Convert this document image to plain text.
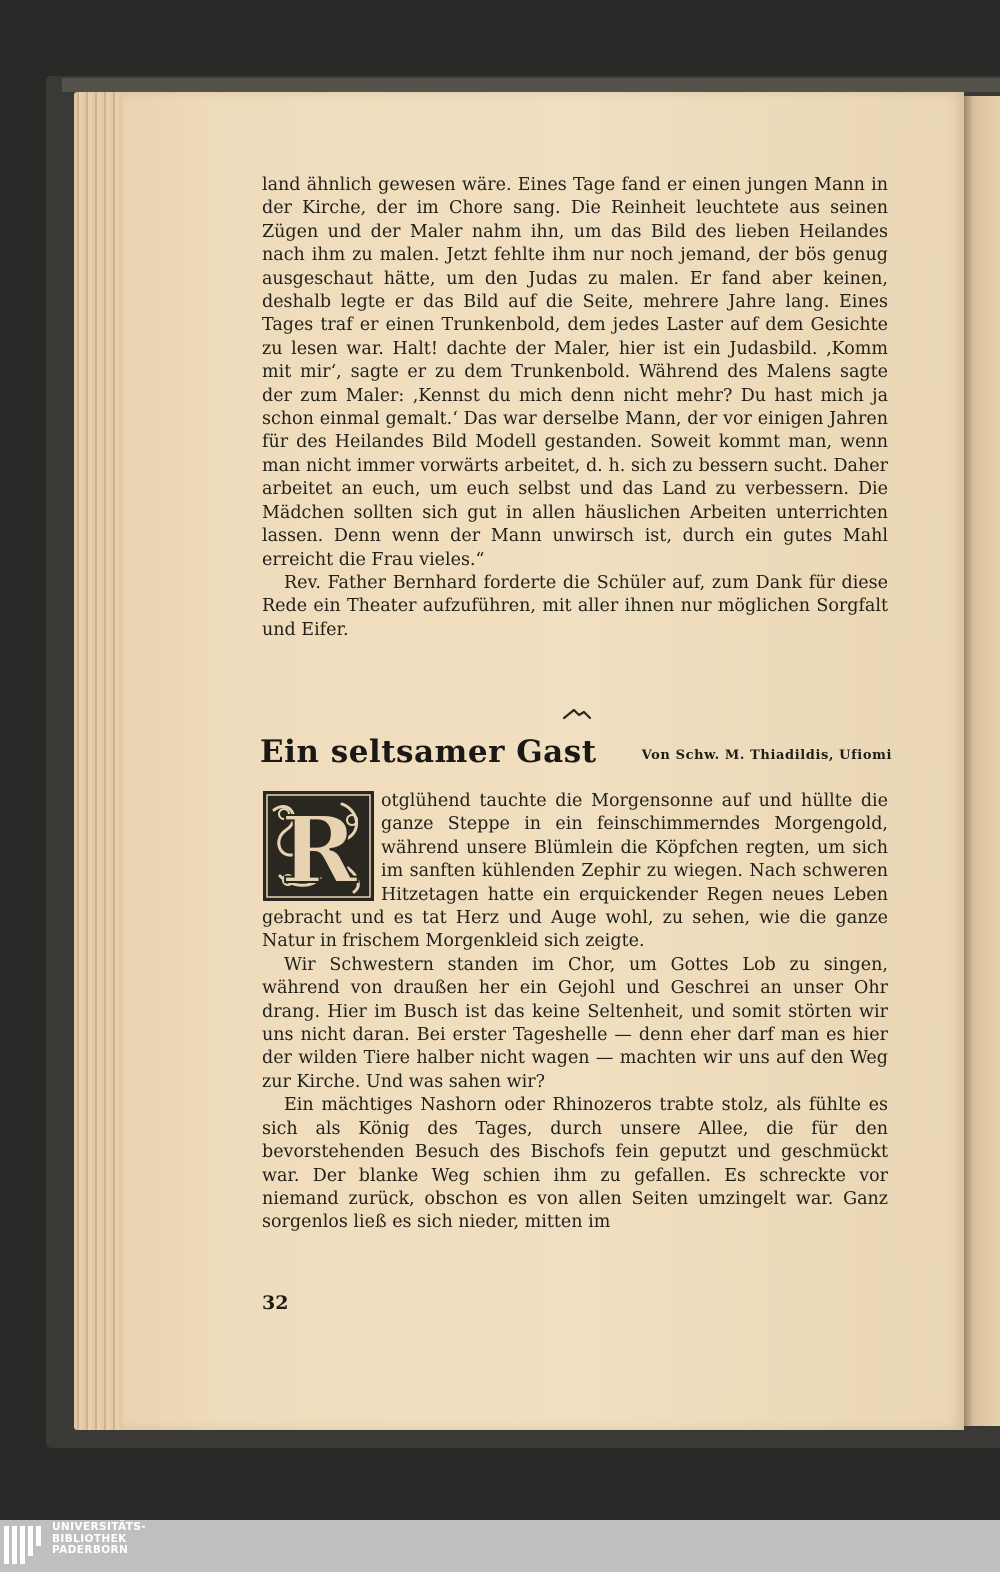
land ähnlich gewesen wäre. Eines Tage fand er einen jungen Mann in der Kirche, der im Chore sang. Die Reinheit leuchtete aus seinen Zügen und der Maler nahm ihn, um das Bild des lieben Heilandes nach ihm zu malen. Jetzt fehlte ihm nur noch jemand, der bös genug ausgeschaut hätte, um den Judas zu malen. Er fand aber keinen, deshalb legte er das Bild auf die Seite, mehrere Jahre lang. Eines Tages traf er einen Trunkenbold, dem jedes Laster auf dem Gesichte zu lesen war. Halt! dachte der Maler, hier ist ein Judasbild. ‚Komm mit mir‘, sagte er zu dem Trunkenbold. Während des Malens sagte der zum Maler: ‚Kennst du mich denn nicht mehr? Du hast mich ja schon einmal gemalt.‘ Das war derselbe Mann, der vor einigen Jahren für des Heilandes Bild Modell gestanden. Soweit kommt man, wenn man nicht immer vorwärts arbeitet, d. h. sich zu bessern sucht. Daher arbeitet an euch, um euch selbst und das Land zu verbessern. Die Mädchen sollten sich gut in allen häuslichen Arbeiten unterrichten lassen. Denn wenn der Mann unwirsch ist, durch ein gutes Mahl erreicht die Frau vieles.“

Rev. Father Bernhard forderte die Schüler auf, zum Dank für diese Rede ein Theater aufzuführen, mit aller ihnen nur möglichen Sorgfalt und Eifer.

Ein seltsamer Gast	Von Schw. M. Thiadildis, Ufiomi
R	otglühend tauchte die Morgensonne auf und hüllte die ganze Steppe in ein feinschimmerndes Morgengold, während unsere Blümlein die Köpfchen regten, um sich im sanften kühlenden Zephir zu wiegen. Nach schweren Hitzetagen hatte ein erquickender Regen neues Leben gebracht und es tat Herz und Auge wohl, zu sehen, wie die ganze Natur in frischem Morgenkleid sich zeigte.

Wir Schwestern standen im Chor, um Gottes Lob zu singen, während von draußen her ein Gejohl und Geschrei an unser Ohr drang. Hier im Busch ist das keine Seltenheit, und somit störten wir uns nicht daran. Bei erster Tageshelle — denn eher darf man es hier der wilden Tiere halber nicht wagen — machten wir uns auf den Weg zur Kirche. Und was sahen wir?

Ein mächtiges Nashorn oder Rhinozeros trabte stolz, als fühlte es sich als König des Tages, durch unsere Allee, die für den bevorstehenden Besuch des Bischofs fein geputzt und geschmückt war. Der blanke Weg schien ihm zu gefallen. Es schreckte vor niemand zurück, obschon es von allen Seiten umzingelt war. Ganz sorgenlos ließ es sich nieder, mitten im

32
UNIVERSITÄTS-
BIBLIOTHEK
PADERBORN
